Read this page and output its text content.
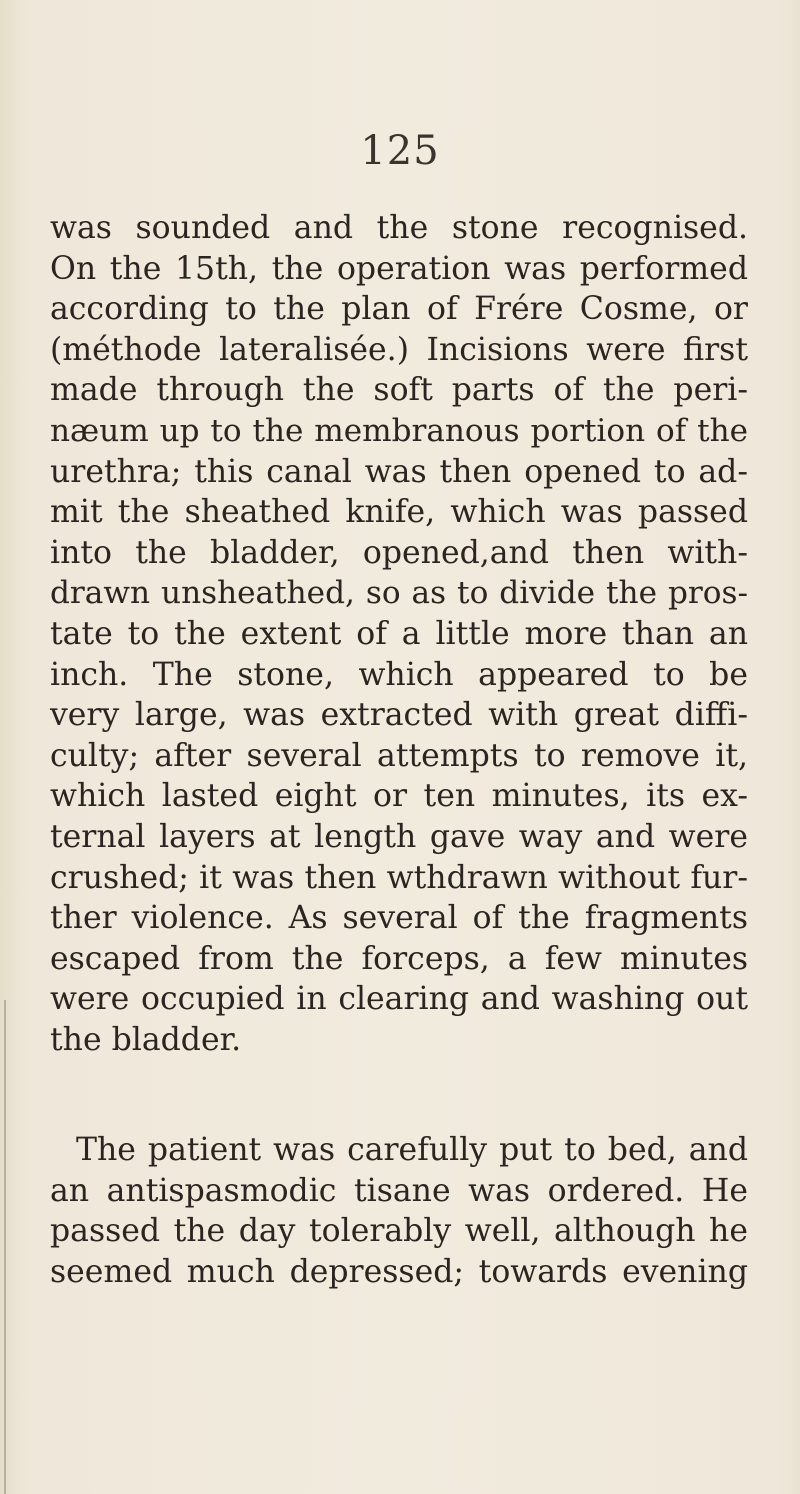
125
was sounded and the stone recognised.
On the 15th, the operation was performed
according to the plan of Frére Cosme, or
(méthode lateralisée.) Incisions were first
made through the soft parts of the peri-
næum up to the membranous portion of the
urethra; this canal was then opened to ad-
mit the sheathed knife, which was passed
into the bladder, opened,and then with-
drawn unsheathed, so as to divide the pros-
tate to the extent of a little more than an
inch. The stone, which appeared to be
very large, was extracted with great diffi-
culty; after several attempts to remove it,
which lasted eight or ten minutes, its ex-
ternal layers at length gave way and were
crushed; it was then wthdrawn without fur-
ther violence. As several of the fragments
escaped from the forceps, a few minutes
were occupied in clearing and washing out
the bladder.
The patient was carefully put to bed, and
an antispasmodic tisane was ordered. He
passed the day tolerably well, although he
seemed much depressed; towards evening
